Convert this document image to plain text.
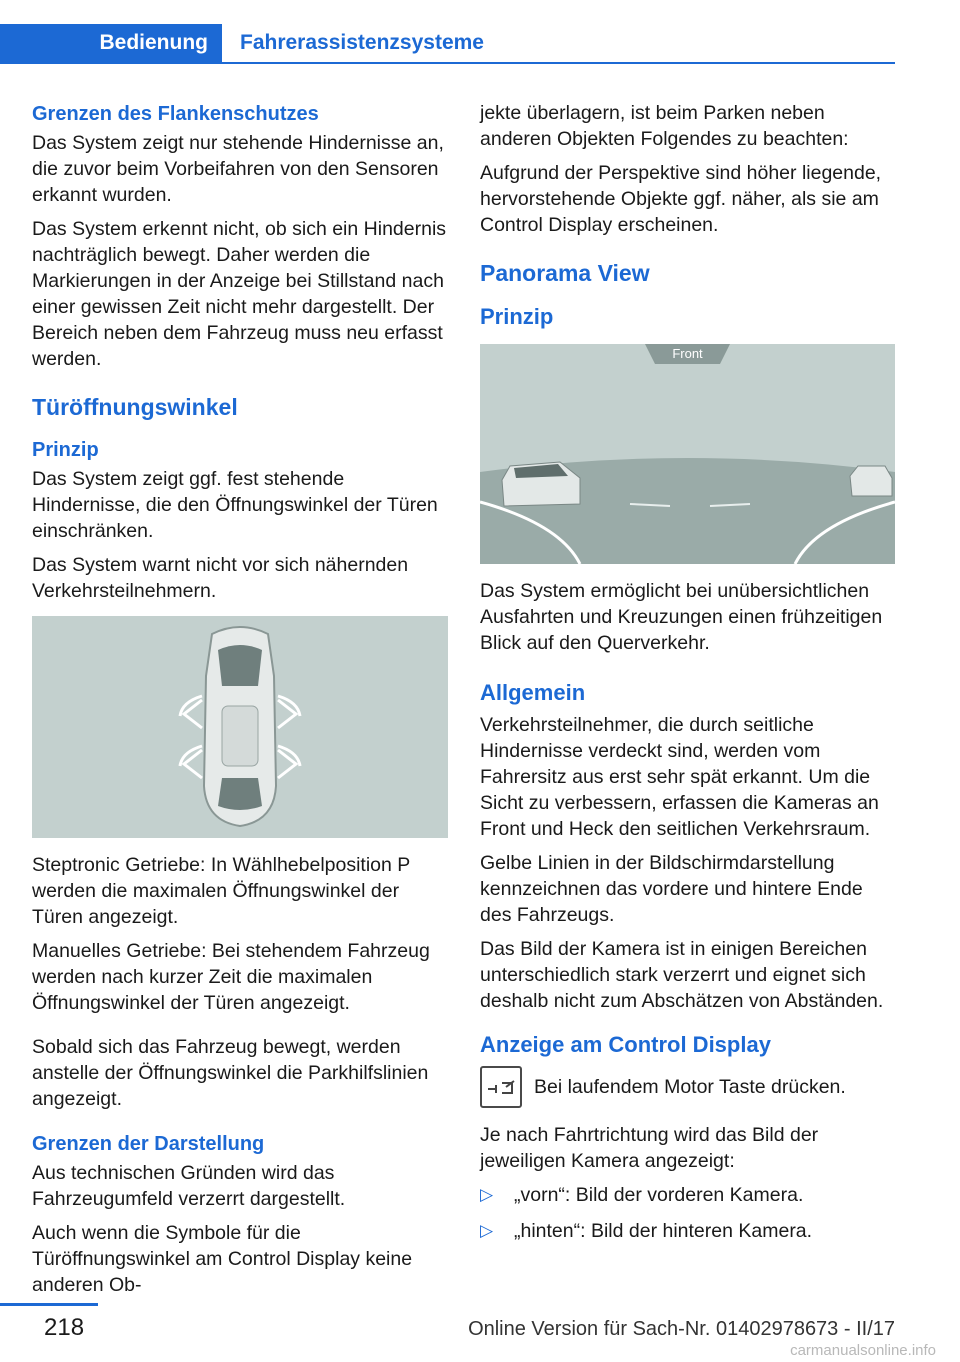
Bedienung	Fahrerassistenzsysteme
Grenzen des Flankenschutzes

Das System zeigt nur stehende Hindernisse an, die zuvor beim Vorbeifahren von den Sensoren erkannt wurden.

Das System erkennt nicht, ob sich ein Hindernis nachträglich bewegt. Daher werden die Markierungen in der Anzeige bei Stillstand nach einer gewissen Zeit nicht mehr dargestellt. Der Bereich neben dem Fahrzeug muss neu erfasst werden.

Türöffnungswinkel
Prinzip

Das System zeigt ggf. fest stehende Hindernisse, die den Öffnungswinkel der Türen einschränken.

Das System warnt nicht vor sich nähernden Verkehrsteilnehmern.

Steptronic Getriebe: In Wählhebelposition P werden die maximalen Öffnungswinkel der Türen angezeigt.

Manuelles Getriebe: Bei stehendem Fahrzeug werden nach kurzer Zeit die maximalen Öffnungswinkel der Türen angezeigt.

Sobald sich das Fahrzeug bewegt, werden anstelle der Öffnungswinkel die Parkhilfslinien angezeigt.

Grenzen der Darstellung

Aus technischen Gründen wird das Fahrzeugumfeld verzerrt dargestellt.

Auch wenn die Symbole für die Türöffnungswinkel am Control Display keine anderen Ob-

jekte überlagern, ist beim Parken neben anderen Objekten Folgendes zu beachten:

Aufgrund der Perspektive sind höher liegende, hervorstehende Objekte ggf. näher, als sie am Control Display erscheinen.

Panorama View
Prinzip
Front

Das System ermöglicht bei unübersichtlichen Ausfahrten und Kreuzungen einen frühzeitigen Blick auf den Querverkehr.

Allgemein

Verkehrsteilnehmer, die durch seitliche Hindernisse verdeckt sind, werden vom Fahrersitz aus erst sehr spät erkannt. Um die Sicht zu verbessern, erfassen die Kameras an Front und Heck den seitlichen Verkehrsraum.

Gelbe Linien in der Bildschirmdarstellung kennzeichnen das vordere und hintere Ende des Fahrzeugs.

Das Bild der Kamera ist in einigen Bereichen unterschiedlich stark verzerrt und eignet sich deshalb nicht zum Abschätzen von Abständen.

Anzeige am Control Display
Bei laufendem Motor Taste drücken.

Je nach Fahrtrichtung wird das Bild der jeweiligen Kamera angezeigt:

▷	„vorn“: Bild der vorderen Kamera.
▷	„hinten“: Bild der hinteren Kamera.
218	Online Version für Sach-Nr. 01402978673 - II/17
carmanualsonline.info
